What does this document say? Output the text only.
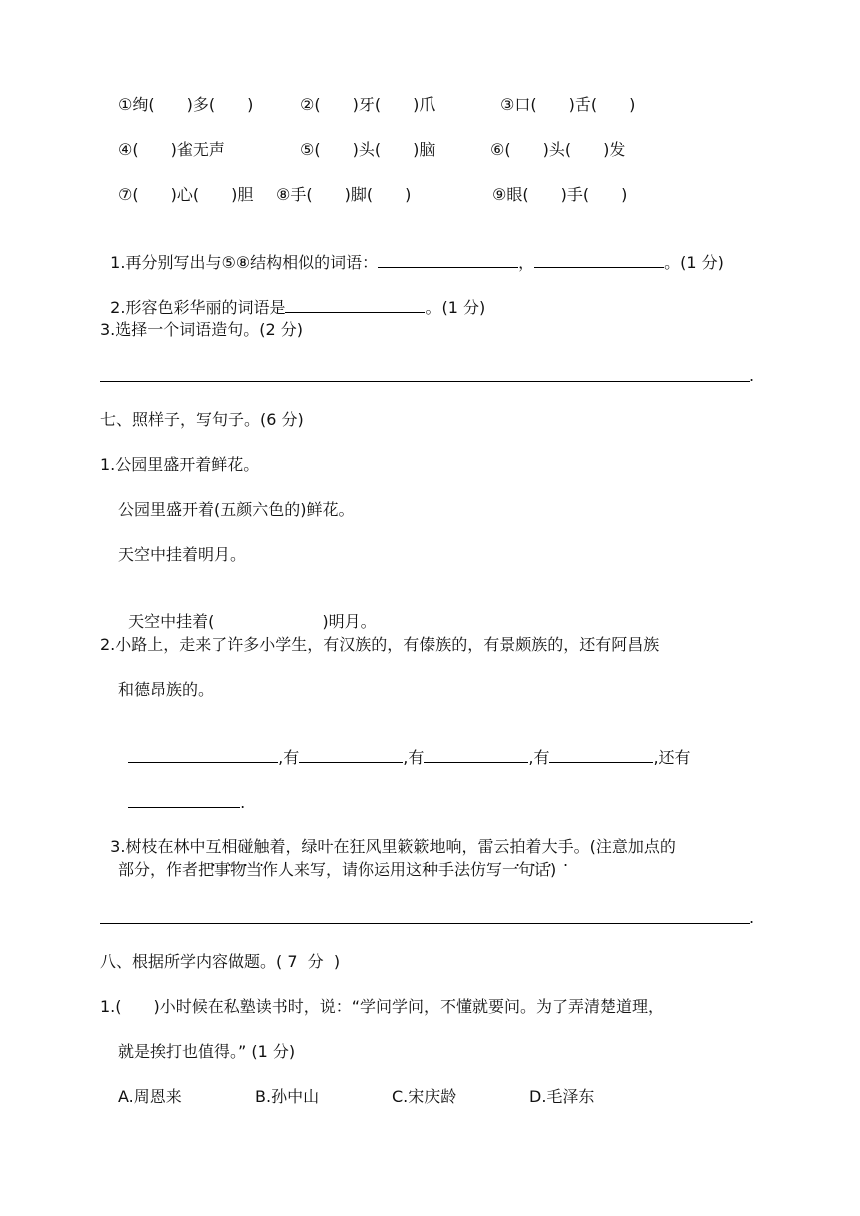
①绚(　　)多(　　)	②(　　)牙(　　)爪	③口(　　)舌(　　)
④(　　)雀无声	⑤(　　)头(　　)脑	⑥(　　)头(　　)发
⑦(　　)心(　　)胆 ⑧手(　　)脚(　　)	⑨眼(　　)手(　　)

1.再分别写出与⑤⑧结构相似的词语：	，	。(1 分)

2.形容色彩华丽的词语是	。(1 分)

3.选择一个词语造句。(2 分)
.
七、照样子，写句子。(6 分)
1.公园里盛开着鲜花。
公园里盛开着(五颜六色的)鲜花。
天空中挂着明月。

天空中挂着(	)明月。

2.小路上，走来了许多小学生，有汉族的，有傣族的，有景颇族的，还有阿昌族
和德昂族的。

,有	,有	,有	,还有

.

3.树枝在林中互相碰触着，绿叶在狂风里簌簌地响，雷云拍着大手。(注意加点的

部分，作者把事物当作人来写，请你运用这种手法仿写一句话)
.
八、根据所学内容做题。( 7  分  )
1.(　　)小时候在私塾读书时，说：“学问学问，不懂就要问。为了弄清楚道理，
就是挨打也值得。” (1 分)
A.周恩来	B.孙中山	C.宋庆龄	D.毛泽东
